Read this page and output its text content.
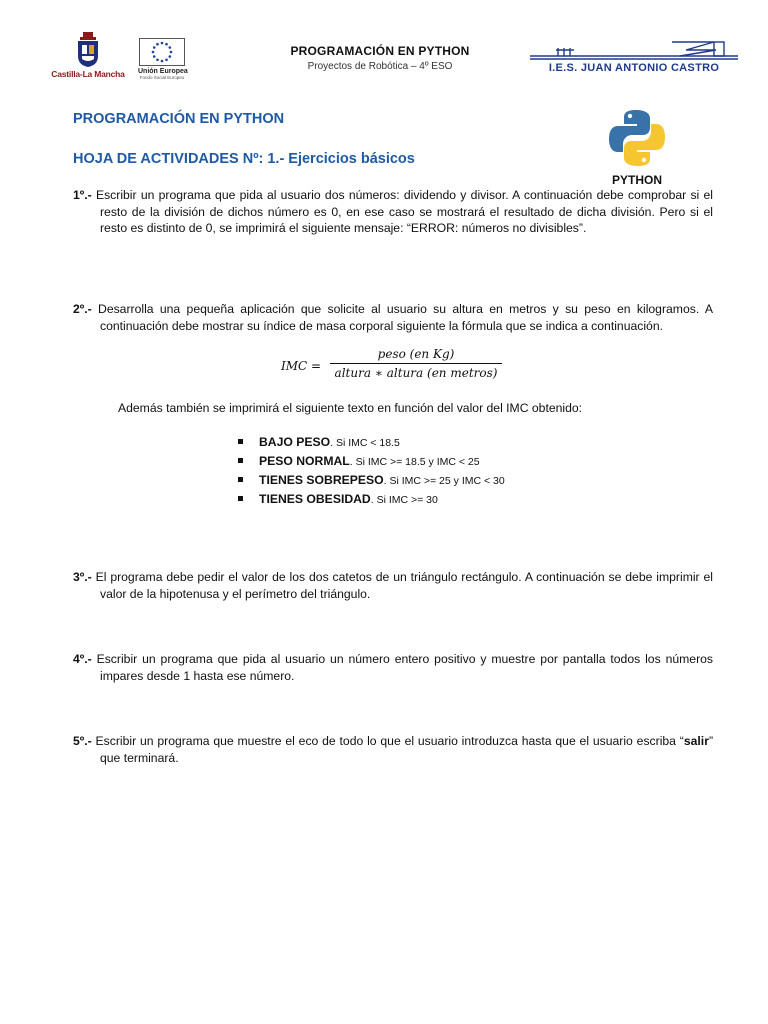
Castilla-La Mancha Unión Europea
Fondo Social Europeo
PROGRAMACIÓN EN PYTHON
Proyectos de Robótica – 4º ESO	I.E.S. JUAN ANTONIO CASTRO
PROGRAMACIÓN EN PYTHON
HOJA DE ACTIVIDADES Nº: 1.- Ejercicios básicos
PYTHON
1º.- Escribir un programa que pida al usuario dos números: dividendo y divisor. A continuación debe comprobar si el resto de la división de dichos número es 0, en ese caso se mostrará el resultado de dicha división. Pero si el resto es distinto de 0, se imprimirá el siguiente mensaje: “ERROR: números no divisibles”.
2º.- Desarrolla una pequeña aplicación que solicite al usuario su altura en metros y su peso en kilogramos. A continuación debe mostrar su índice de masa corporal siguiente la fórmula que se indica a continuación.
IMC =
peso (en Kg)
altura ∗ altura (en metros)
Además también se imprimirá el siguiente texto en función del valor del IMC obtenido:
BAJO PESO. Si IMC < 18.5
PESO NORMAL. Si IMC >= 18.5 y IMC < 25
TIENES SOBREPESO. Si IMC >= 25 y IMC < 30
TIENES OBESIDAD. Si IMC >= 30
3º.- El programa debe pedir el valor de los dos catetos de un triángulo rectángulo. A continuación se debe imprimir el valor de la hipotenusa y el perímetro del triángulo.
4º.- Escribir un programa que pida al usuario un número entero positivo y muestre por pantalla todos los números impares desde 1 hasta ese número.
5º.- Escribir un programa que muestre el eco de todo lo que el usuario introduzca hasta que el usuario escriba “salir” que terminará.
